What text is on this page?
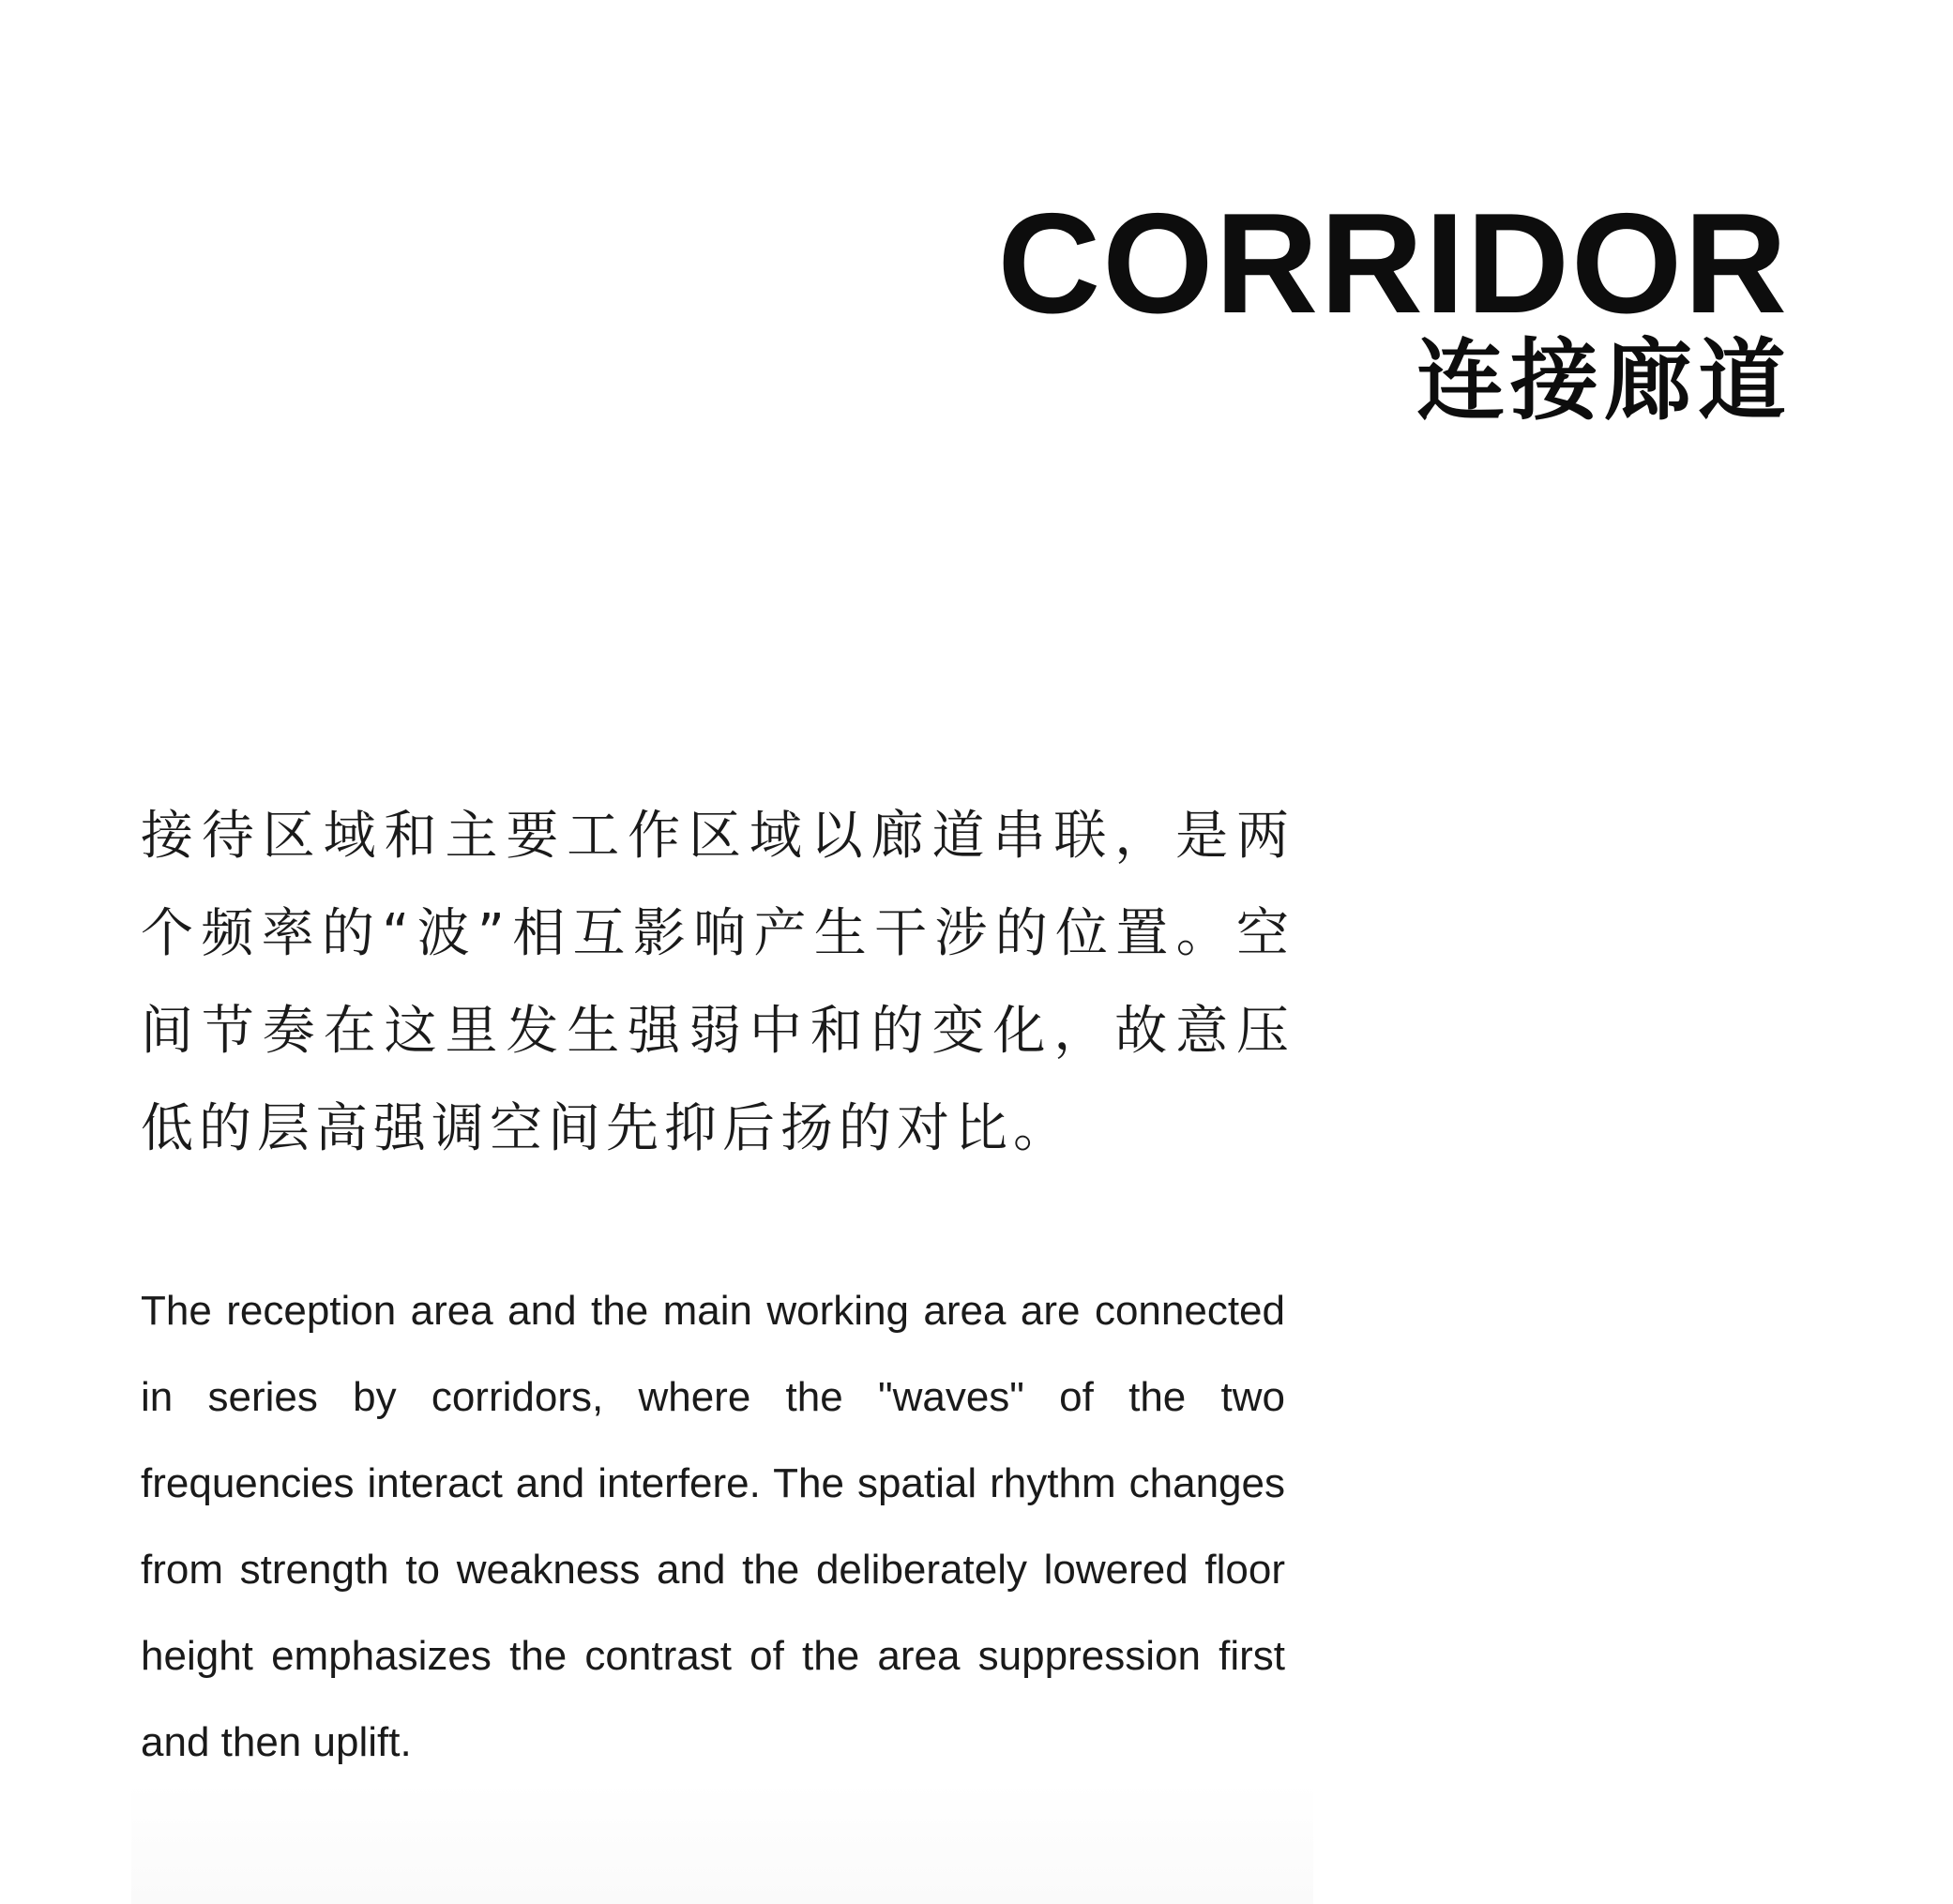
CORRIDOR
连接廊道

接待区域和主要工作区域以廊道串联，是两个频率的“波”相互影响产生干涉的位置。空间节奏在这里发生强弱中和的变化，故意压低的层高强调空间先抑后扬的对比。

The reception area and the main working area are connected in series by corridors, where the "waves" of the two frequencies interact and interfere. The spatial rhythm changes from strength to weakness and the deliberately lowered floor height emphasizes the contrast of the area suppression first and then uplift.
